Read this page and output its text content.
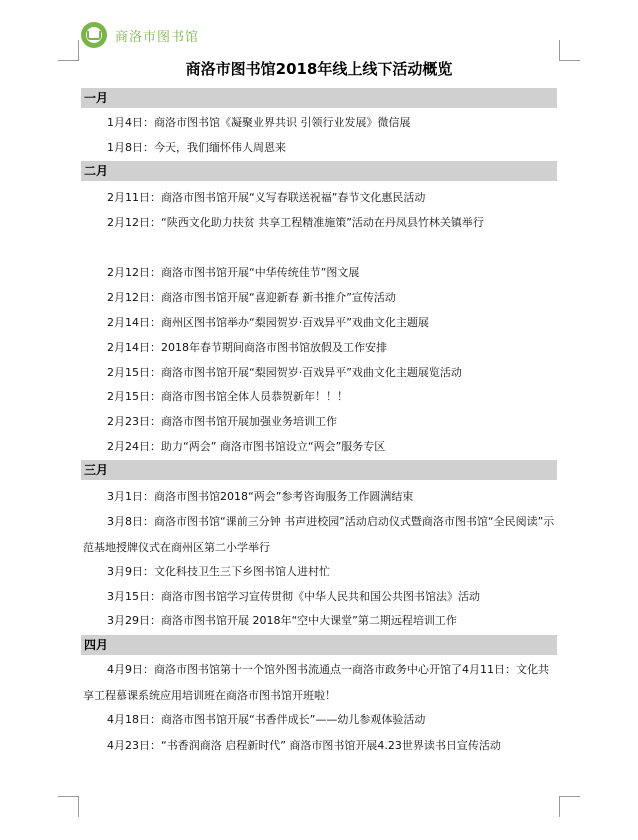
商洛市图书馆
商洛市图书馆2018年线上线下活动概览
一月
1月4日：商洛市图书馆《凝聚业界共识 引领行业发展》微信展
1月8日：今天，我们缅怀伟人周恩来
二月
2月11日：商洛市图书馆开展“义写春联送祝福”春节文化惠民活动
2月12日：“陕西文化助力扶贫 共享工程精准施策”活动在丹凤县竹林关镇举行
2月12日：商洛市图书馆开展“中华传统佳节”图文展
2月12日：商洛市图书馆开展“喜迎新春 新书推介”宣传活动
2月14日：商州区图书馆举办“梨园贺岁·百戏异平”戏曲文化主题展
2月14日：2018年春节期间商洛市图书馆放假及工作安排
2月15日：商洛市图书馆开展“梨园贺岁·百戏异平”戏曲文化主题展览活动
2月15日：商洛市图书馆全体人员恭贺新年！！！
2月23日：商洛市图书馆开展加强业务培训工作
2月24日：助力“两会” 商洛市图书馆设立“两会”服务专区
三月
3月1日：商洛市图书馆2018“两会”参考咨询服务工作圆满结束
3月8日：商洛市图书馆“课前三分钟 书声进校园”活动启动仪式暨商洛市图书馆“全民阅读”示范基地授牌仪式在商州区第二小学举行
3月9日：文化科技卫生三下乡图书馆人进村忙
3月15日：商洛市图书馆学习宣传贯彻《中华人民共和国公共图书馆法》活动
3月29日：商洛市图书馆开展 2018年“空中大课堂”第二期远程培训工作
四月
4月9日：商洛市图书馆第十一个馆外图书流通点一商洛市政务中心开馆了4月11日：文化共享工程慕课系统应用培训班在商洛市图书馆开班啦！
4月18日：商洛市图书馆开展“书香伴成长”——幼儿参观体验活动
4月23日：“书香润商洛 启程新时代” 商洛市图书馆开展4.23世界读书日宣传活动
